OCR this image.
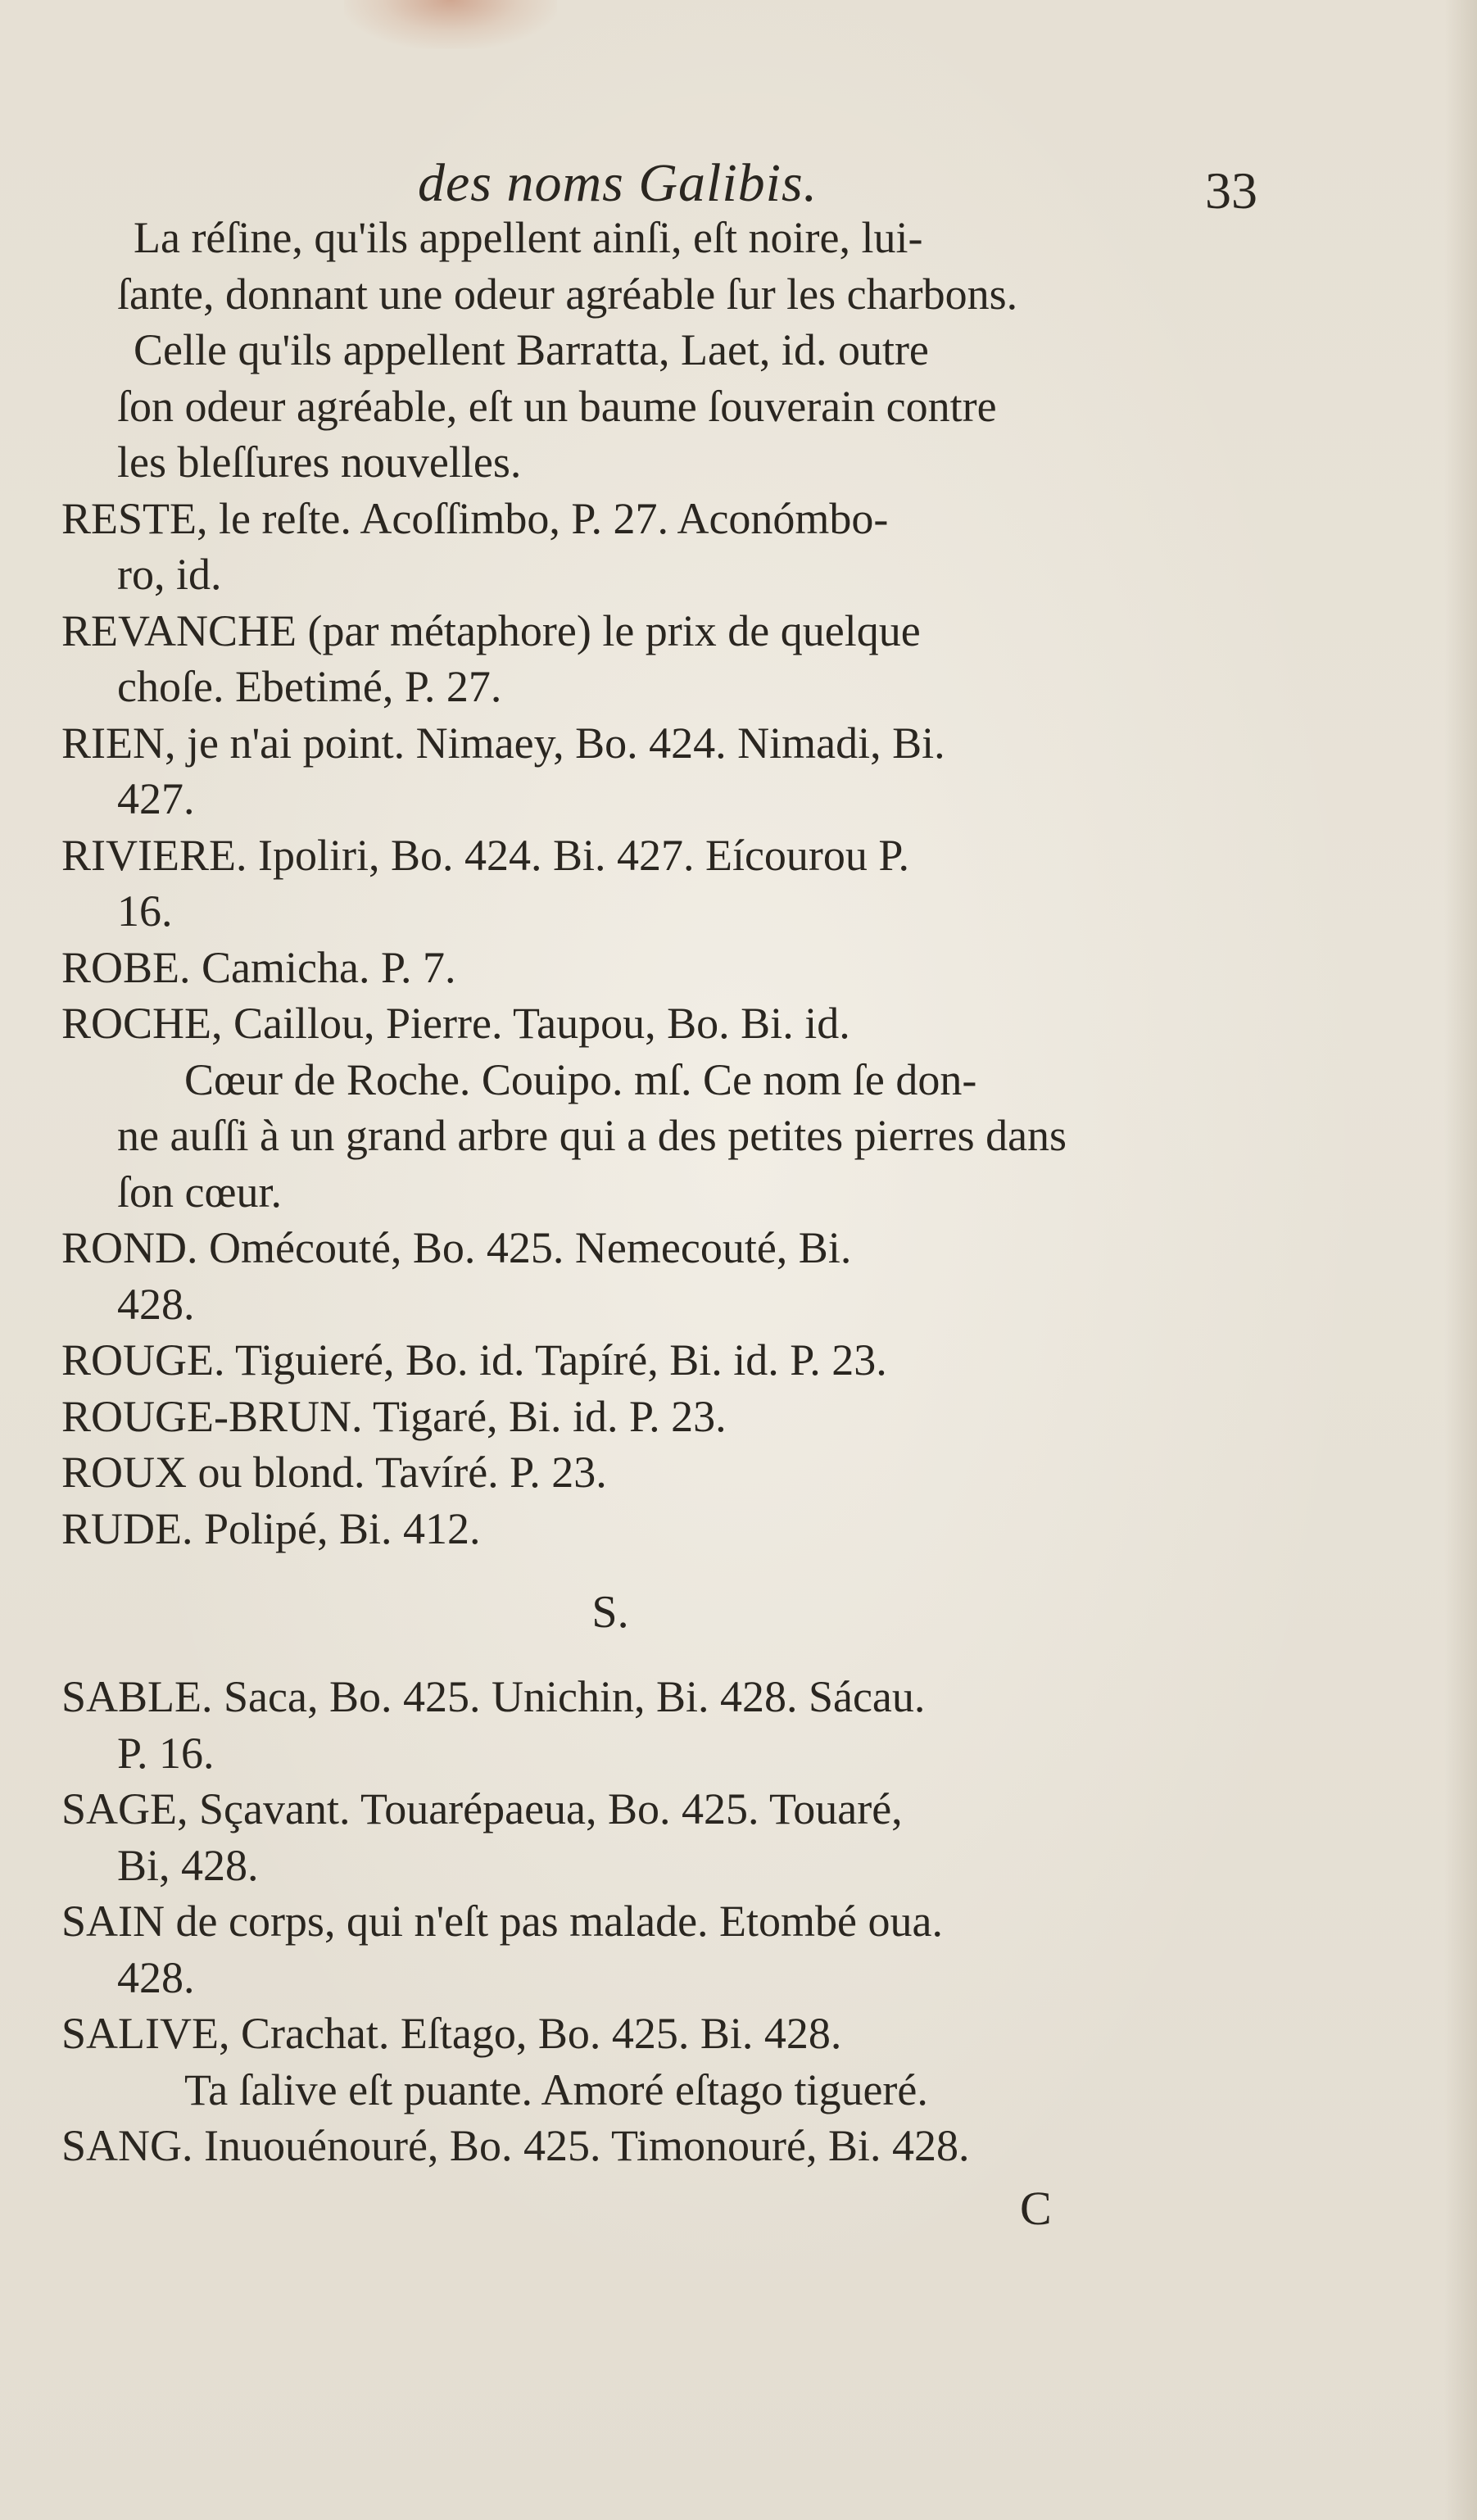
des noms Galibis.	33
La réſine, qu'ils appellent ainſi, eſt noire, lui-
ſante, donnant une odeur agréable ſur les charbons.
Celle qu'ils appellent Barratta, Laet, id. outre
ſon odeur agréable, eſt un baume ſouverain contre
les bleſſures nouvelles.
RESTE, le reſte. Acoſſimbo, P. 27. Aconómbo-
ro, id.
REVANCHE (par métaphore) le prix de quelque
choſe. Ebetimé, P. 27.
RIEN, je n'ai point. Nimaey, Bo. 424. Nimadi, Bi.
427.
RIVIERE. Ipoliri, Bo. 424. Bi. 427. Eícourou P.
16.
ROBE. Camicha. P. 7.
ROCHE, Caillou, Pierre. Taupou, Bo. Bi. id.
Cœur de Roche. Couipo. mſ. Ce nom ſe don-
ne auſſi à un grand arbre qui a des petites pierres dans
ſon cœur.
ROND. Omécouté, Bo. 425. Nemecouté, Bi.
428.
ROUGE. Tiguieré, Bo. id. Tapíré, Bi. id. P. 23.
ROUGE-BRUN. Tigaré, Bi. id. P. 23.
ROUX ou blond. Tavíré. P. 23.
RUDE. Polipé, Bi. 412.
S.
SABLE. Saca, Bo. 425. Unichin, Bi. 428. Sácau.
P. 16.
SAGE, Sçavant. Touarépaeua, Bo. 425. Touaré,
Bi, 428.
SAIN de corps, qui n'eſt pas malade. Etombé oua.
428.
SALIVE, Crachat. Eſtago, Bo. 425. Bi. 428.
Ta ſalive eſt puante. Amoré eſtago tigueré.
SANG. Inuouénouré, Bo. 425. Timonouré, Bi. 428.
C
